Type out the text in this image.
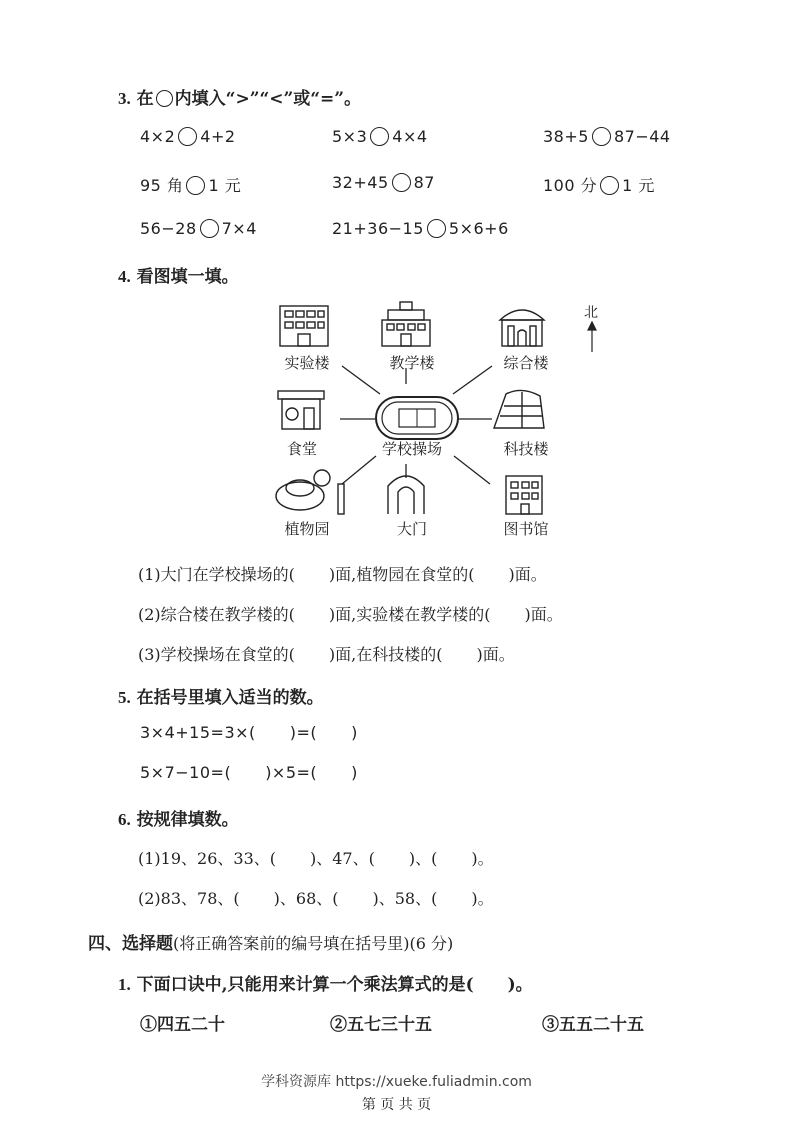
3. 在 内填入“>”“<”或“=”。
4×2 4+2	5×3 4×4	38+5 87−44
95 角 1 元	32+45 87	100 分 1 元
56−28 7×4	21+36−15 5×6+6
4. 看图填一填。
北
实验楼	教学楼	综合楼
食堂	学校操场	科技楼
植物园	大门	图书馆
(1)大门在学校操场的( )面,植物园在食堂的( )面。
(2)综合楼在教学楼的( )面,实验楼在教学楼的( )面。
(3)学校操场在食堂的( )面,在科技楼的( )面。
5. 在括号里填入适当的数。
3×4+15=3×( )=( )
5×7−10=( )×5=( )
6. 按规律填数。
(1)19、26、33、( )、47、( )、( )。
(2)83、78、( )、68、( )、58、( )。
四、选择题(将正确答案前的编号填在括号里)(6 分)
1. 下面口诀中,只能用来计算一个乘法算式的是( )。
①四五二十	②五七三十五	③五五二十五
学科资源库 https://xueke.fuliadmin.com
第 页 共 页
